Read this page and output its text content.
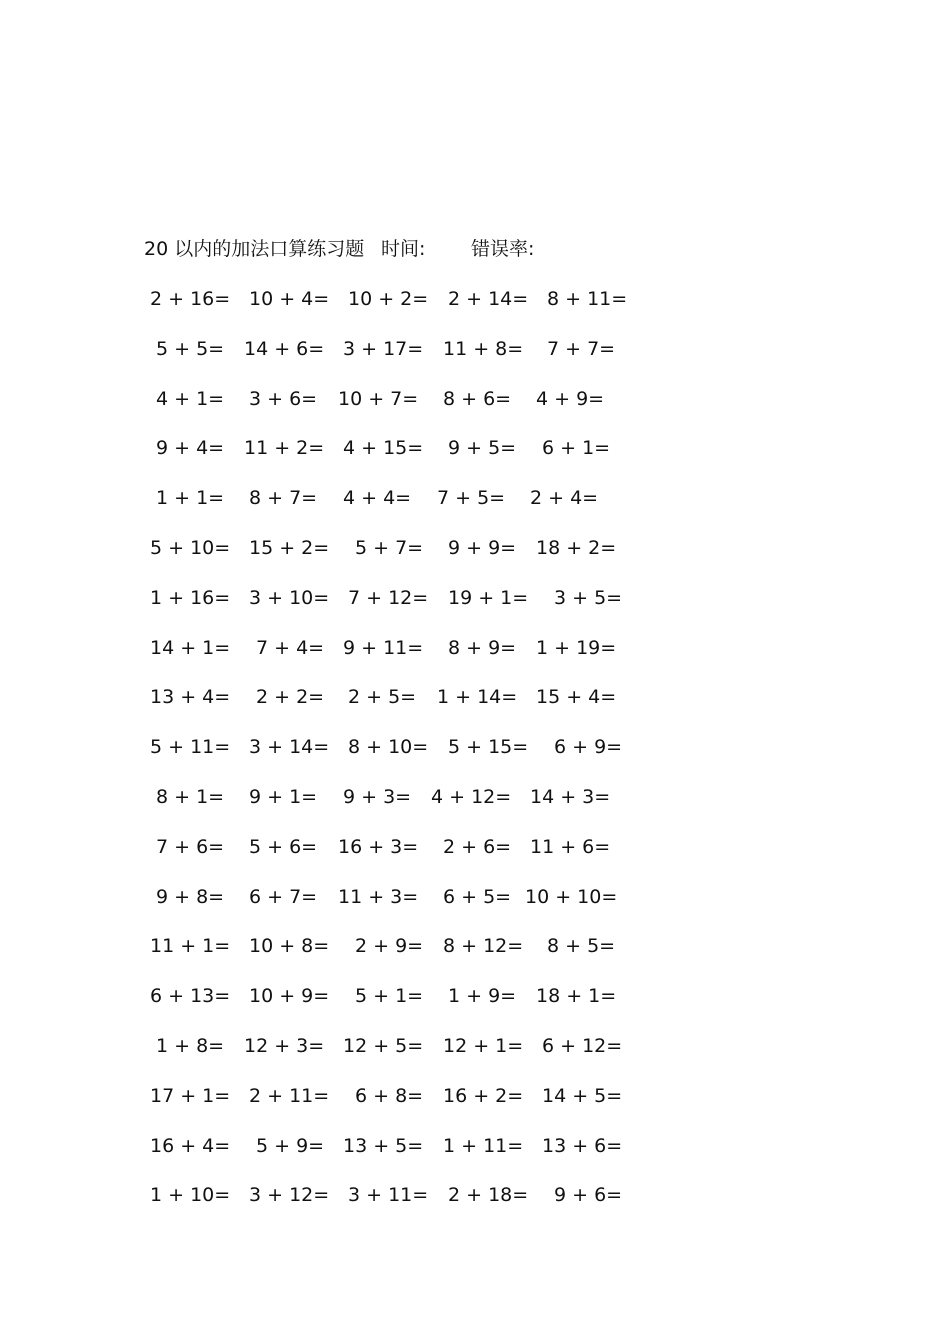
20 以内的加法口算练习题 时间: 错误率:
2 + 16= 10 + 4= 10 + 2= 2 + 14= 8 + 11=
5 + 5= 14 + 6= 3 + 17= 11 + 8= 7 + 7=
4 + 1= 3 + 6= 10 + 7= 8 + 6= 4 + 9=
9 + 4= 11 + 2= 4 + 15= 9 + 5= 6 + 1=
1 + 1= 8 + 7= 4 + 4= 7 + 5= 2 + 4=
5 + 10= 15 + 2= 5 + 7= 9 + 9= 18 + 2=
1 + 16= 3 + 10= 7 + 12= 19 + 1= 3 + 5=
14 + 1= 7 + 4= 9 + 11= 8 + 9= 1 + 19=
13 + 4= 2 + 2= 2 + 5= 1 + 14= 15 + 4=
5 + 11= 3 + 14= 8 + 10= 5 + 15= 6 + 9=
8 + 1= 9 + 1= 9 + 3= 4 + 12= 14 + 3=
7 + 6= 5 + 6= 16 + 3= 2 + 6= 11 + 6=
9 + 8= 6 + 7= 11 + 3= 6 + 5= 10 + 10=
11 + 1= 10 + 8= 2 + 9= 8 + 12= 8 + 5=
6 + 13= 10 + 9= 5 + 1= 1 + 9= 18 + 1=
1 + 8= 12 + 3= 12 + 5= 12 + 1= 6 + 12=
17 + 1= 2 + 11= 6 + 8= 16 + 2= 14 + 5=
16 + 4= 5 + 9= 13 + 5= 1 + 11= 13 + 6=
1 + 10= 3 + 12= 3 + 11= 2 + 18= 9 + 6=
